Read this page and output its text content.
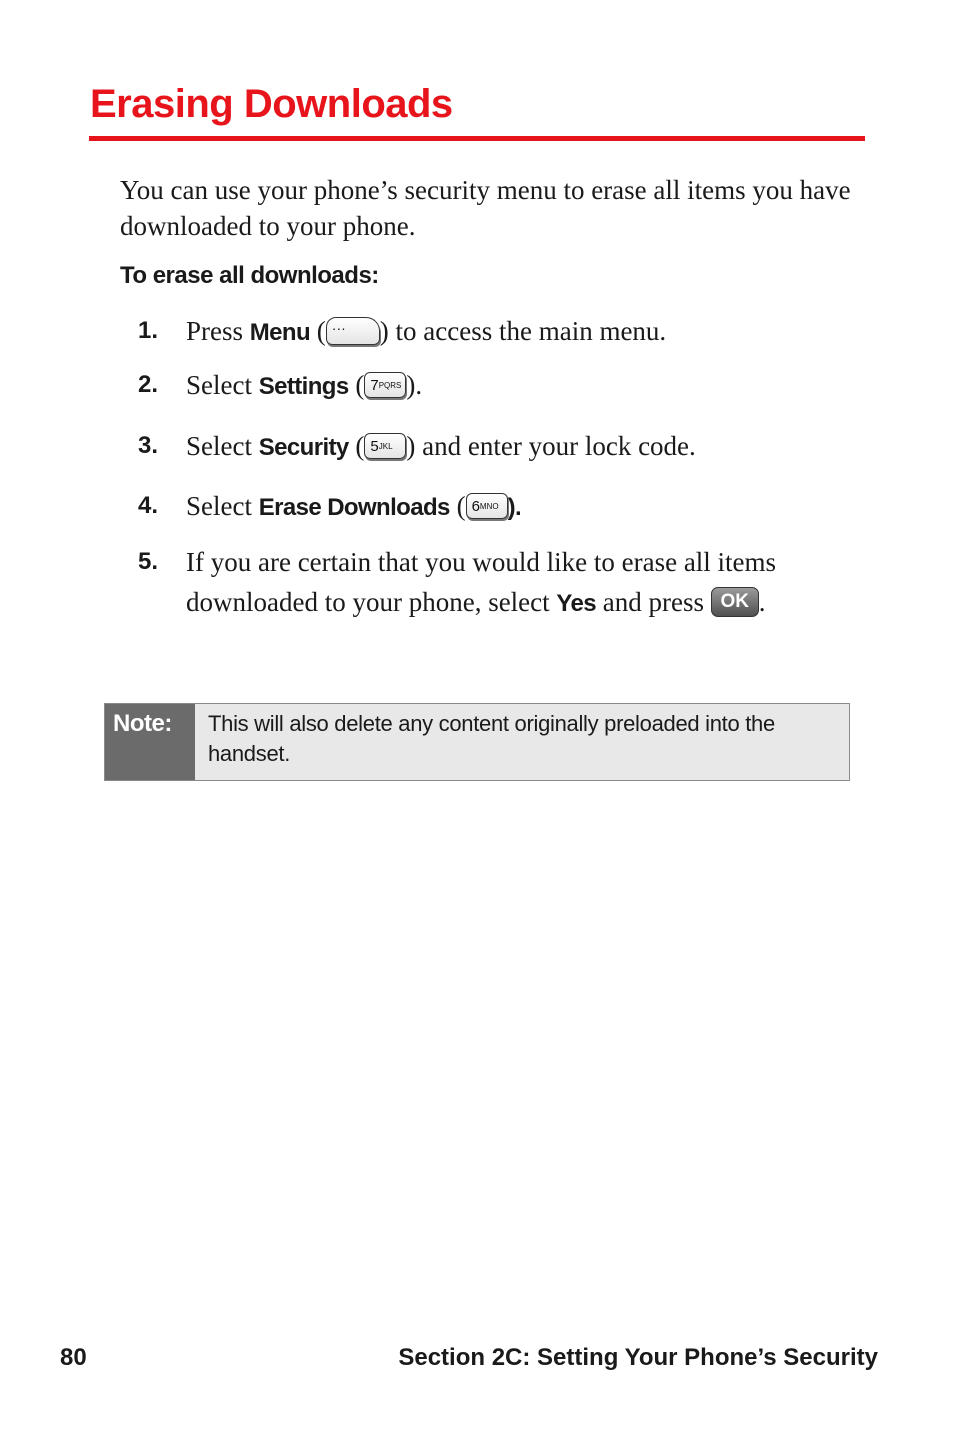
Erasing Downloads

You can use your phone’s security menu to erase all items you have downloaded to your phone.

To erase all downloads:

1. Press Menu ( ··· ) to access the main menu.
2. Select Settings ( 7PQRS ).
3. Select Security ( 5JKL ) and enter your lock code.
4. Select Erase Downloads ( 6MNO ).
5. If you are certain that you would like to erase all items downloaded to your phone, select Yes and press OK .
Note:	This will also delete any content originally preloaded into the handset.
80	Section 2C: Setting Your Phone’s Security
